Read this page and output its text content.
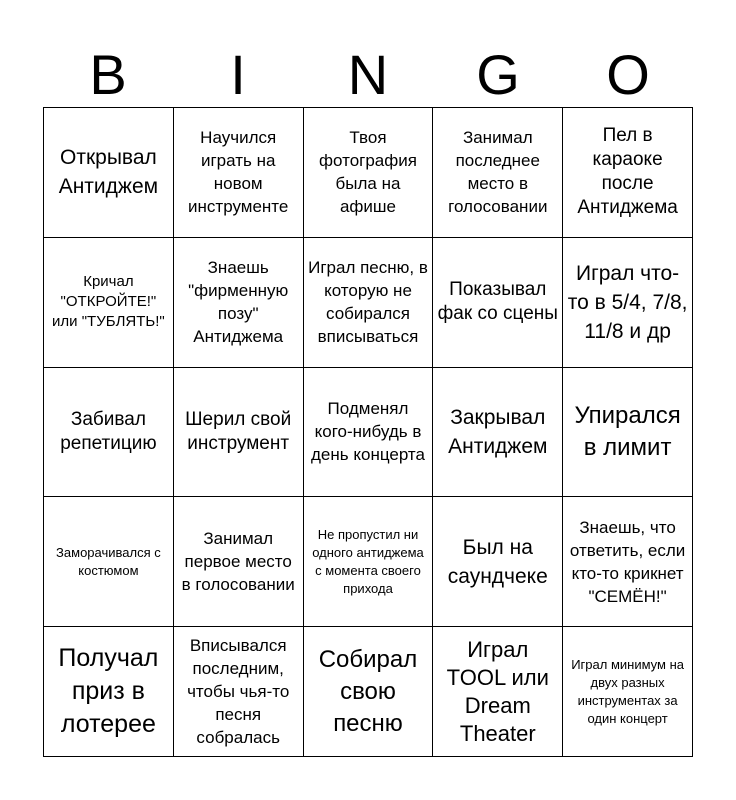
B	I	N	G	O
Открывал Антиджем
Научился играть на новом инструменте
Твоя фотография была на афише
Занимал последнее место в голосовании
Пел в караоке после Антиджема
Кричал "ОТКРОЙТЕ!" или "ТУБЛЯТЬ!"
Знаешь "фирменную позу" Антиджема
Играл песню, в которую не собирался вписываться
Показывал фак со сцены
Играл что-то в 5/4, 7/8, 11/8 и др
Забивал репетицию
Шерил свой инструмент
Подменял кого-нибудь в день концерта
Закрывал Антиджем
Упирался в лимит
Заморачивался с костюмом
Занимал первое место в голосовании
Не пропустил ни одного антиджема с момента своего прихода
Был на саундчеке
Знаешь, что ответить, если кто-то крикнет "СЕМЁН!"
Получал приз в лотерее
Вписывался последним, чтобы чья-то песня собралась
Собирал свою песню
Играл TOOL или Dream Theater
Играл минимум на двух разных инструментах за один концерт
